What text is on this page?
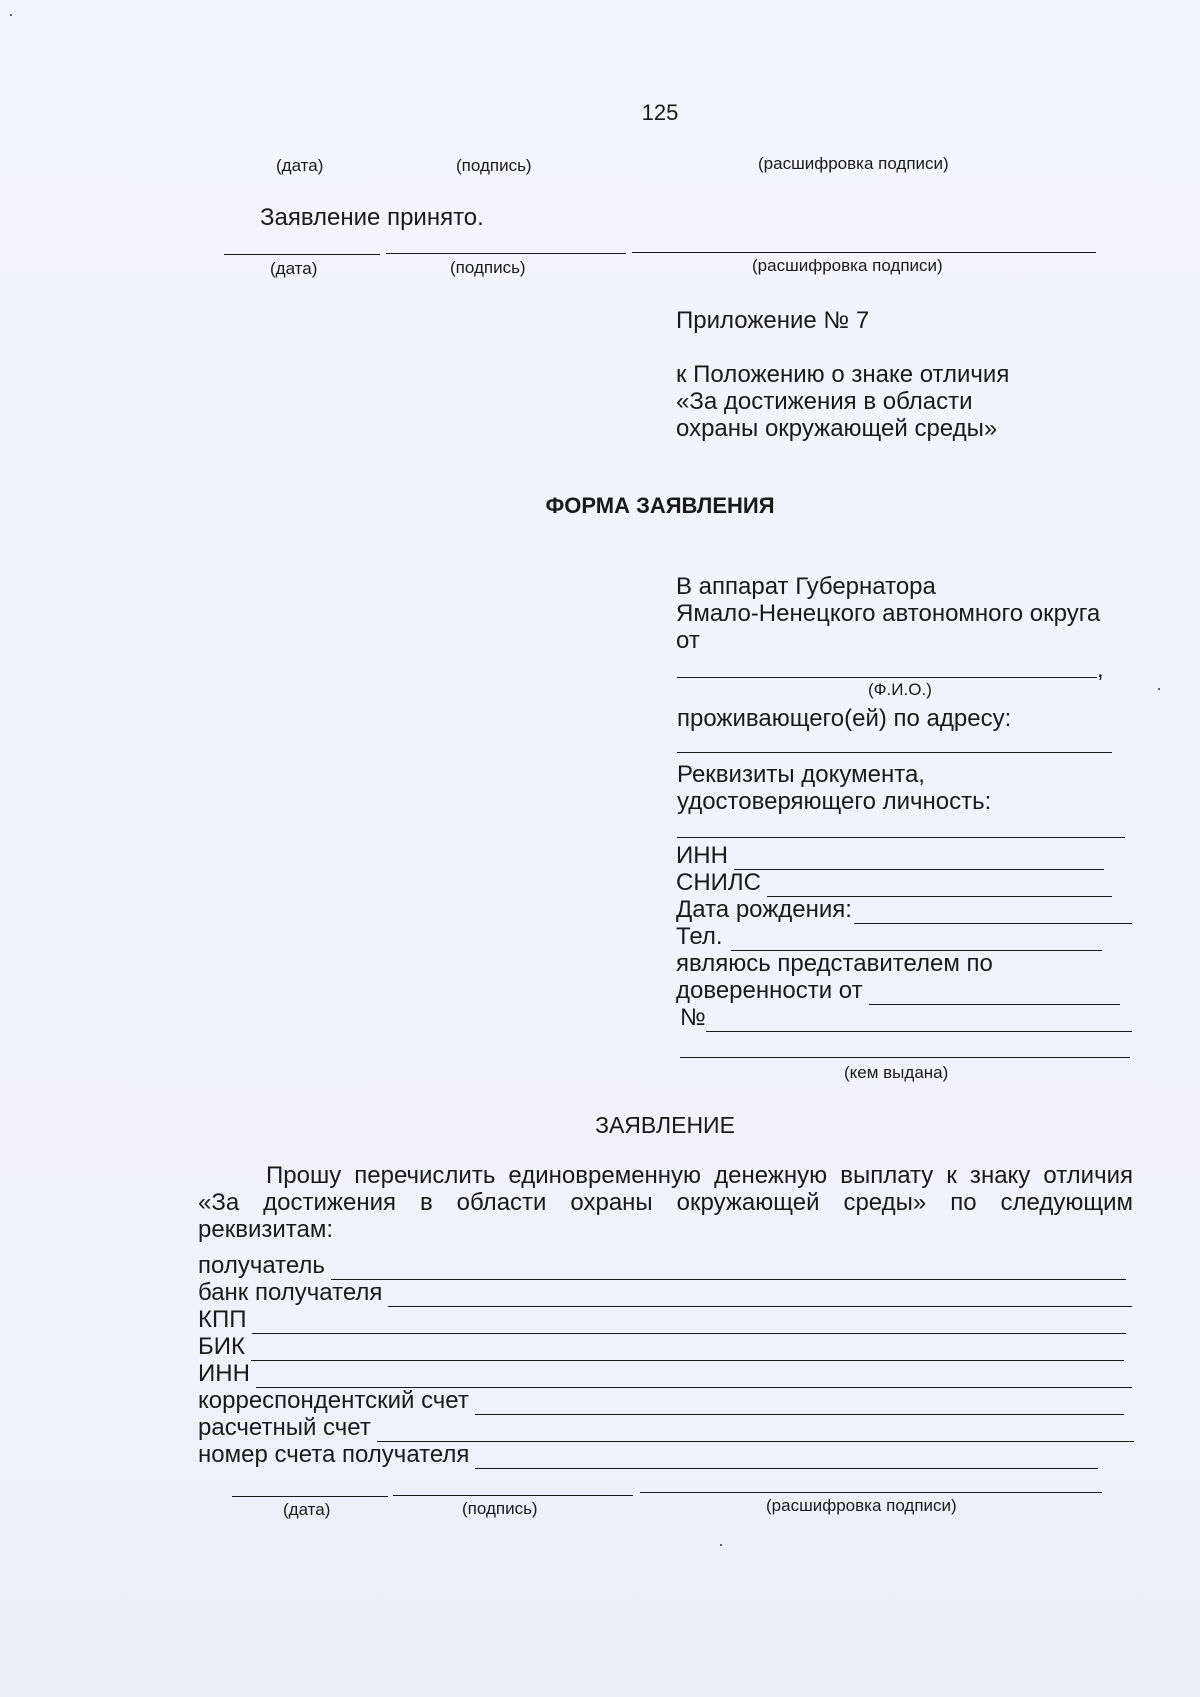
125
(дата)	(подпись)	(расшифровка подписи)
Заявление принято.
(дата)	(подпись)	(расшифровка подписи)
Приложение № 7
к Положению о знаке отличия
«За достижения в области
охраны окружающей среды»
ФОРМА ЗАЯВЛЕНИЯ
В аппарат Губернатора
Ямало-Ненецкого автономного округа
от
,
(Ф.И.О.)
проживающего(ей) по адресу:
Реквизиты документа,
удостоверяющего личность:
ИНН
СНИЛС
Дата рождения:
Тел.
являюсь представителем по
доверенности от
№
(кем выдана)
ЗАЯВЛЕНИЕ
Прошу перечислить единовременную денежную выплату к знаку отличия «За достижения в области охраны окружающей среды» по следующим реквизитам:
получатель
банк получателя
КПП
БИК
ИНН
корреспондентский счет
расчетный счет
номер счета получателя
(дата)	(подпись)	(расшифровка подписи)
